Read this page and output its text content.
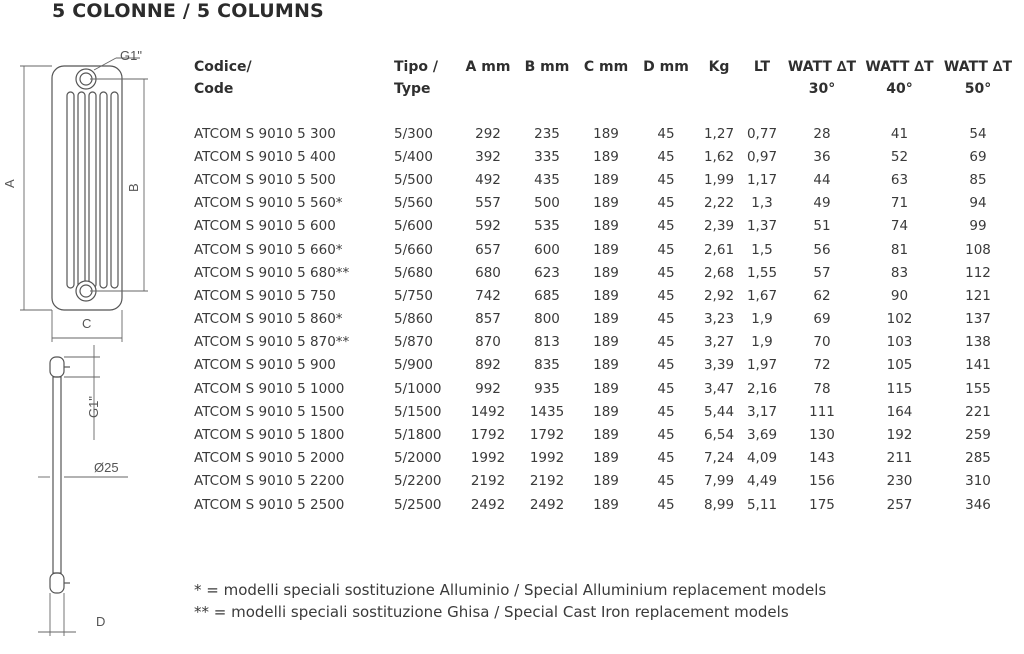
5 COLONNE / 5 COLUMNS
G1"
A	B
C
G1"
Ø25
D
Codice/	Tipo /	A mm	B mm	C mm	D mm	Kg	LT	WATT ∆T	WATT ∆T	WATT ∆T
Code	Type							30°	40°	50°

ATCOM S 9010 5 300	5/300	292	235	189	45	1,27	0,77	28	41	54
ATCOM S 9010 5 400	5/400	392	335	189	45	1,62	0,97	36	52	69
ATCOM S 9010 5 500	5/500	492	435	189	45	1,99	1,17	44	63	85
ATCOM S 9010 5 560*	5/560	557	500	189	45	2,22	1,3	49	71	94
ATCOM S 9010 5 600	5/600	592	535	189	45	2,39	1,37	51	74	99
ATCOM S 9010 5 660*	5/660	657	600	189	45	2,61	1,5	56	81	108
ATCOM S 9010 5 680**	5/680	680	623	189	45	2,68	1,55	57	83	112
ATCOM S 9010 5 750	5/750	742	685	189	45	2,92	1,67	62	90	121
ATCOM S 9010 5 860*	5/860	857	800	189	45	3,23	1,9	69	102	137
ATCOM S 9010 5 870**	5/870	870	813	189	45	3,27	1,9	70	103	138
ATCOM S 9010 5 900	5/900	892	835	189	45	3,39	1,97	72	105	141
ATCOM S 9010 5 1000	5/1000	992	935	189	45	3,47	2,16	78	115	155
ATCOM S 9010 5 1500	5/1500	1492	1435	189	45	5,44	3,17	111	164	221
ATCOM S 9010 5 1800	5/1800	1792	1792	189	45	6,54	3,69	130	192	259
ATCOM S 9010 5 2000	5/2000	1992	1992	189	45	7,24	4,09	143	211	285
ATCOM S 9010 5 2200	5/2200	2192	2192	189	45	7,99	4,49	156	230	310
ATCOM S 9010 5 2500	5/2500	2492	2492	189	45	8,99	5,11	175	257	346
* = modelli speciali sostituzione Alluminio / Special Alluminium replacement models
** = modelli speciali sostituzione Ghisa / Special Cast Iron replacement models
